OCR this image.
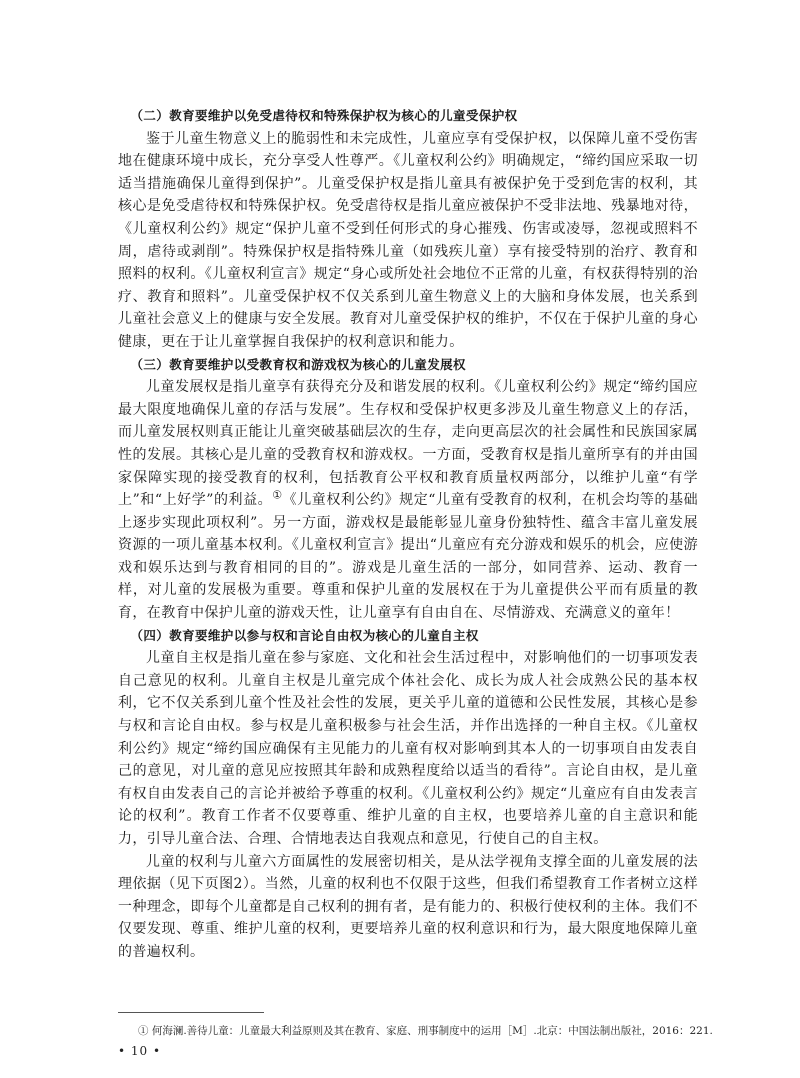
（二）教育要维护以免受虐待权和特殊保护权为核心的儿童受保护权

鉴于儿童生物意义上的脆弱性和未完成性，儿童应享有受保护权，以保障儿童不受伤害地在健康环境中成长，充分享受人性尊严。《儿童权利公约》明确规定，“缔约国应采取一切适当措施确保儿童得到保护”。儿童受保护权是指儿童具有被保护免于受到危害的权利，其核心是免受虐待权和特殊保护权。免受虐待权是指儿童应被保护不受非法地、残暴地对待，《儿童权利公约》规定“保护儿童不受到任何形式的身心摧残、伤害或凌辱，忽视或照料不周，虐待或剥削”。特殊保护权是指特殊儿童（如残疾儿童）享有接受特别的治疗、教育和照料的权利。《儿童权利宣言》规定“身心或所处社会地位不正常的儿童，有权获得特别的治疗、教育和照料”。儿童受保护权不仅关系到儿童生物意义上的大脑和身体发展，也关系到儿童社会意义上的健康与安全发展。教育对儿童受保护权的维护，不仅在于保护儿童的身心健康，更在于让儿童掌握自我保护的权利意识和能力。

（三）教育要维护以受教育权和游戏权为核心的儿童发展权

儿童发展权是指儿童享有获得充分及和谐发展的权利。《儿童权利公约》规定“缔约国应最大限度地确保儿童的存活与发展”。生存权和受保护权更多涉及儿童生物意义上的存活，而儿童发展权则真正能让儿童突破基础层次的生存，走向更高层次的社会属性和民族国家属性的发展。其核心是儿童的受教育权和游戏权。一方面，受教育权是指儿童所享有的并由国家保障实现的接受教育的权利，包括教育公平权和教育质量权两部分，以维护儿童“有学上”和“上好学”的利益。①《儿童权利公约》规定“儿童有受教育的权利，在机会均等的基础上逐步实现此项权利”。另一方面，游戏权是最能彰显儿童身份独特性、蕴含丰富儿童发展资源的一项儿童基本权利。《儿童权利宣言》提出“儿童应有充分游戏和娱乐的机会，应使游戏和娱乐达到与教育相同的目的”。游戏是儿童生活的一部分，如同营养、运动、教育一样，对儿童的发展极为重要。尊重和保护儿童的发展权在于为儿童提供公平而有质量的教育，在教育中保护儿童的游戏天性，让儿童享有自由自在、尽情游戏、充满意义的童年！

（四）教育要维护以参与权和言论自由权为核心的儿童自主权

儿童自主权是指儿童在参与家庭、文化和社会生活过程中，对影响他们的一切事项发表自己意见的权利。儿童自主权是儿童完成个体社会化、成长为成人社会成熟公民的基本权利，它不仅关系到儿童个性及社会性的发展，更关乎儿童的道德和公民性发展，其核心是参与权和言论自由权。参与权是儿童积极参与社会生活，并作出选择的一种自主权。《儿童权利公约》规定“缔约国应确保有主见能力的儿童有权对影响到其本人的一切事项自由发表自己的意见，对儿童的意见应按照其年龄和成熟程度给以适当的看待”。言论自由权，是儿童有权自由发表自己的言论并被给予尊重的权利。《儿童权利公约》规定“儿童应有自由发表言论的权利”。教育工作者不仅要尊重、维护儿童的自主权，也要培养儿童的自主意识和能力，引导儿童合法、合理、合情地表达自我观点和意见，行使自己的自主权。

儿童的权利与儿童六方面属性的发展密切相关，是从法学视角支撑全面的儿童发展的法理依据（见下页图2）。当然，儿童的权利也不仅限于这些，但我们希望教育工作者树立这样一种理念，即每个儿童都是自己权利的拥有者，是有能力的、积极行使权利的主体。我们不仅要发现、尊重、维护儿童的权利，更要培养儿童的权利意识和行为，最大限度地保障儿童的普遍权利。

① 何海澜.善待儿童：儿童最大利益原则及其在教育、家庭、刑事制度中的运用［M］.北京：中国法制出版社，2016：221.
• 10 •
